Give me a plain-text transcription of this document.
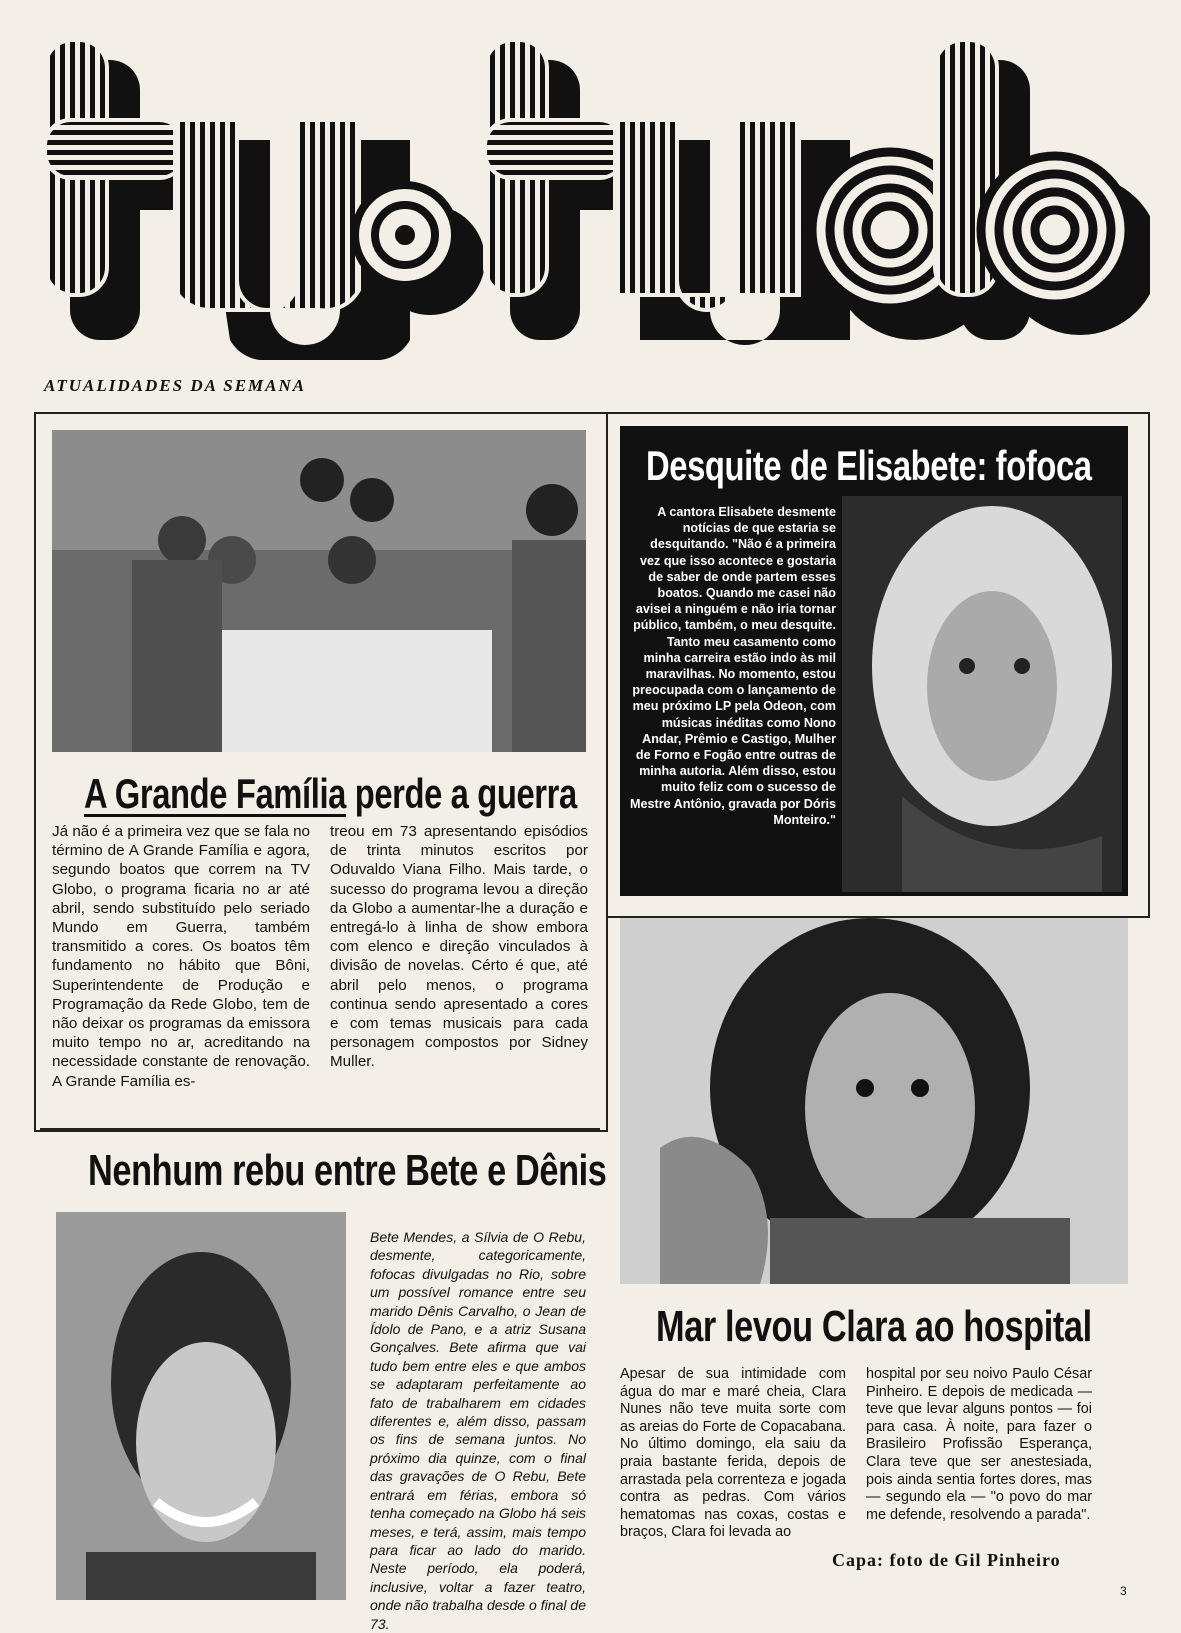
ATUALIDADES DA SEMANA
A Grande Família perde a guerra
Já não é a primeira vez que se fala no término de A Grande Família e agora, segundo boatos que correm na TV Globo, o programa ficaria no ar até abril, sendo substituído pelo seriado Mundo em Guerra, também transmitido a cores. Os boatos têm fundamento no hábito que Bôni, Superintendente de Produção e Programação da Rede Globo, tem de não deixar os programas da emissora muito tempo no ar, acreditando na necessidade constante de renovação. A Grande Família es-
treou em 73 apresentando episódios de trinta minutos escritos por Oduvaldo Viana Filho. Mais tarde, o sucesso do programa levou a direção da Globo a aumentar-lhe a duração e entregá-lo à linha de show embora com elenco e direção vinculados à divisão de novelas. Cérto é que, até abril pelo menos, o programa continua sendo apresentado a cores e com temas musicais para cada personagem compostos por Sidney Muller.
Nenhum rebu entre Bete e Dênis
Bete Mendes, a Sílvia de O Rebu, desmente, categoricamente, fofocas divulgadas no Rio, sobre um possível romance entre seu marido Dênis Carvalho, o Jean de Ídolo de Pano, e a atriz Susana Gonçalves. Bete afirma que vai tudo bem entre eles e que ambos se adaptaram perfeitamente ao fato de trabalharem em cidades diferentes e, além disso, passam os fins de semana juntos. No próximo dia quinze, com o final das gravações de O Rebu, Bete entrará em férias, embora só tenha começado na Globo há seis meses, e terá, assim, mais tempo para ficar ao lado do marido. Neste período, ela poderá, inclusive, voltar a fazer teatro, onde não trabalha desde o final de 73.
Desquite de Elisabete: fofoca
A cantora Elisabete desmente notícias de que estaria se desquitando. "Não é a primeira vez que isso acontece e gostaria de saber de onde partem esses boatos. Quando me casei não avisei a ninguém e não iria tornar público, também, o meu desquite. Tanto meu casamento como minha carreira estão indo às mil maravilhas. No momento, estou preocupada com o lançamento de meu próximo LP pela Odeon, com músicas inéditas como Nono Andar, Prêmio e Castigo, Mulher de Forno e Fogão entre outras de minha autoria. Além disso, estou muito feliz com o sucesso de Mestre Antônio, gravada por Dóris Monteiro."
Mar levou Clara ao hospital
Apesar de sua intimidade com água do mar e maré cheia, Clara Nunes não teve muita sorte com as areias do Forte de Copacabana. No último domingo, ela saiu da praia bastante ferida, depois de arrastada pela correnteza e jogada contra as pedras. Com vários hematomas nas coxas, costas e braços, Clara foi levada ao
hospital por seu noivo Paulo César Pinheiro. E depois de medicada — teve que levar alguns pontos — foi para casa. À noite, para fazer o Brasileiro Profissão Esperança, Clara teve que ser anestesiada, pois ainda sentia fortes dores, mas — segundo ela — "o povo do mar me defende, resolvendo a parada".
Capa: foto de Gil Pinheiro
3
